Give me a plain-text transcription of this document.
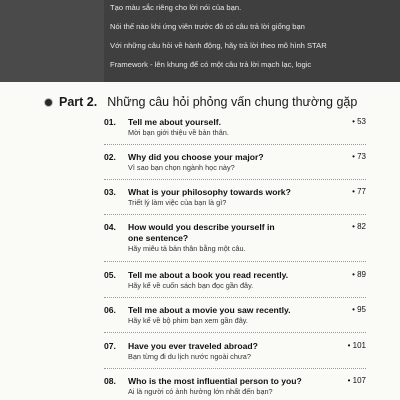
Tạo màu sắc riêng cho lời nói của bạn.
Nói thế nào khi ứng viên trước đó có câu trả lời giống bạn
Với những câu hỏi về hành động, hãy trả lời theo mô hình STAR
Framework - lên khung để có một câu trả lời mạch lạc, logic
Part 2. Những câu hỏi phỏng vấn chung thường gặp
01.	Tell me about yourself.	• 53
Mời bạn giới thiệu về bản thân.
02.	Why did you choose your major?	• 73
Vì sao bạn chọn ngành học này?
03.	What is your philosophy towards work?	• 77
Triết lý làm việc của bạn là gì?
04.	How would you describe yourself in	• 82
one sentence?
Hãy miêu tả bản thân bằng một câu.
05.	Tell me about a book you read recently.	• 89
Hãy kể về cuốn sách bạn đọc gần đây.
06.	Tell me about a movie you saw recently.	• 95
Hãy kể về bộ phim bạn xem gần đây.
07.	Have you ever traveled abroad?	• 101
Bạn từng đi du lịch nước ngoài chưa?
08.	Who is the most influential person to you?	• 107
Ai là người có ảnh hưởng lớn nhất đến bạn?
